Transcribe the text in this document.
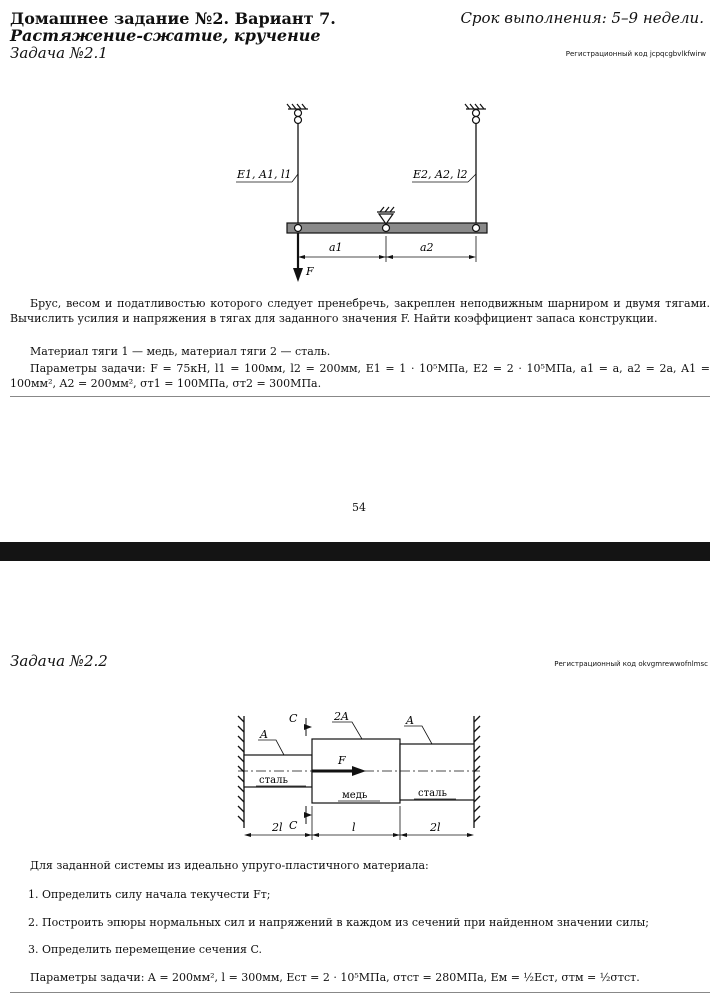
Домашнее задание №2. Вариант 7.
Растяжение-сжатие, кручение
Срок выполнения: 5–9 недели.
Задача №2.1	Регистрационный код jcpqcgbvlkfwirw
E1, A1, l1	E2, A2, l2
F
a1	a2
Брус, весом и податливостью которого следует пренебречь, закреплен неподвижным шарниром и двумя тягами. Вычислить усилия и напряжения в тягах для заданного значения F. Найти коэффициент запаса конструкции.
Материал тяги 1 — медь, материал тяги 2 — сталь.
Параметры задачи: F = 75кН, l1 = 100мм, l2 = 200мм, E1 = 1 · 10⁵МПа, E2 = 2 · 10⁵МПа, a1 = a, a2 = 2a, A1 = 100мм², A2 = 200мм², σт1 = 100МПа, σт2 = 300МПа.
54
Задача №2.2	Регистрационный код okvgmrewwofnlmsc
F
C
C
2A	A
A
сталь
медь	сталь
2l	l	2l
Для заданной системы из идеально упруго-пластичного материала:
1. Определить силу начала текучести Fт;
2. Построить эпюры нормальных сил и напряжений в каждом из сечений при найденном значении силы;
3. Определить перемещение сечения C.
Параметры задачи: A = 200мм², l = 300мм, Eст = 2 · 10⁵МПа, σтст = 280МПа, Eм = ½Eст, σтм = ½σтст.
